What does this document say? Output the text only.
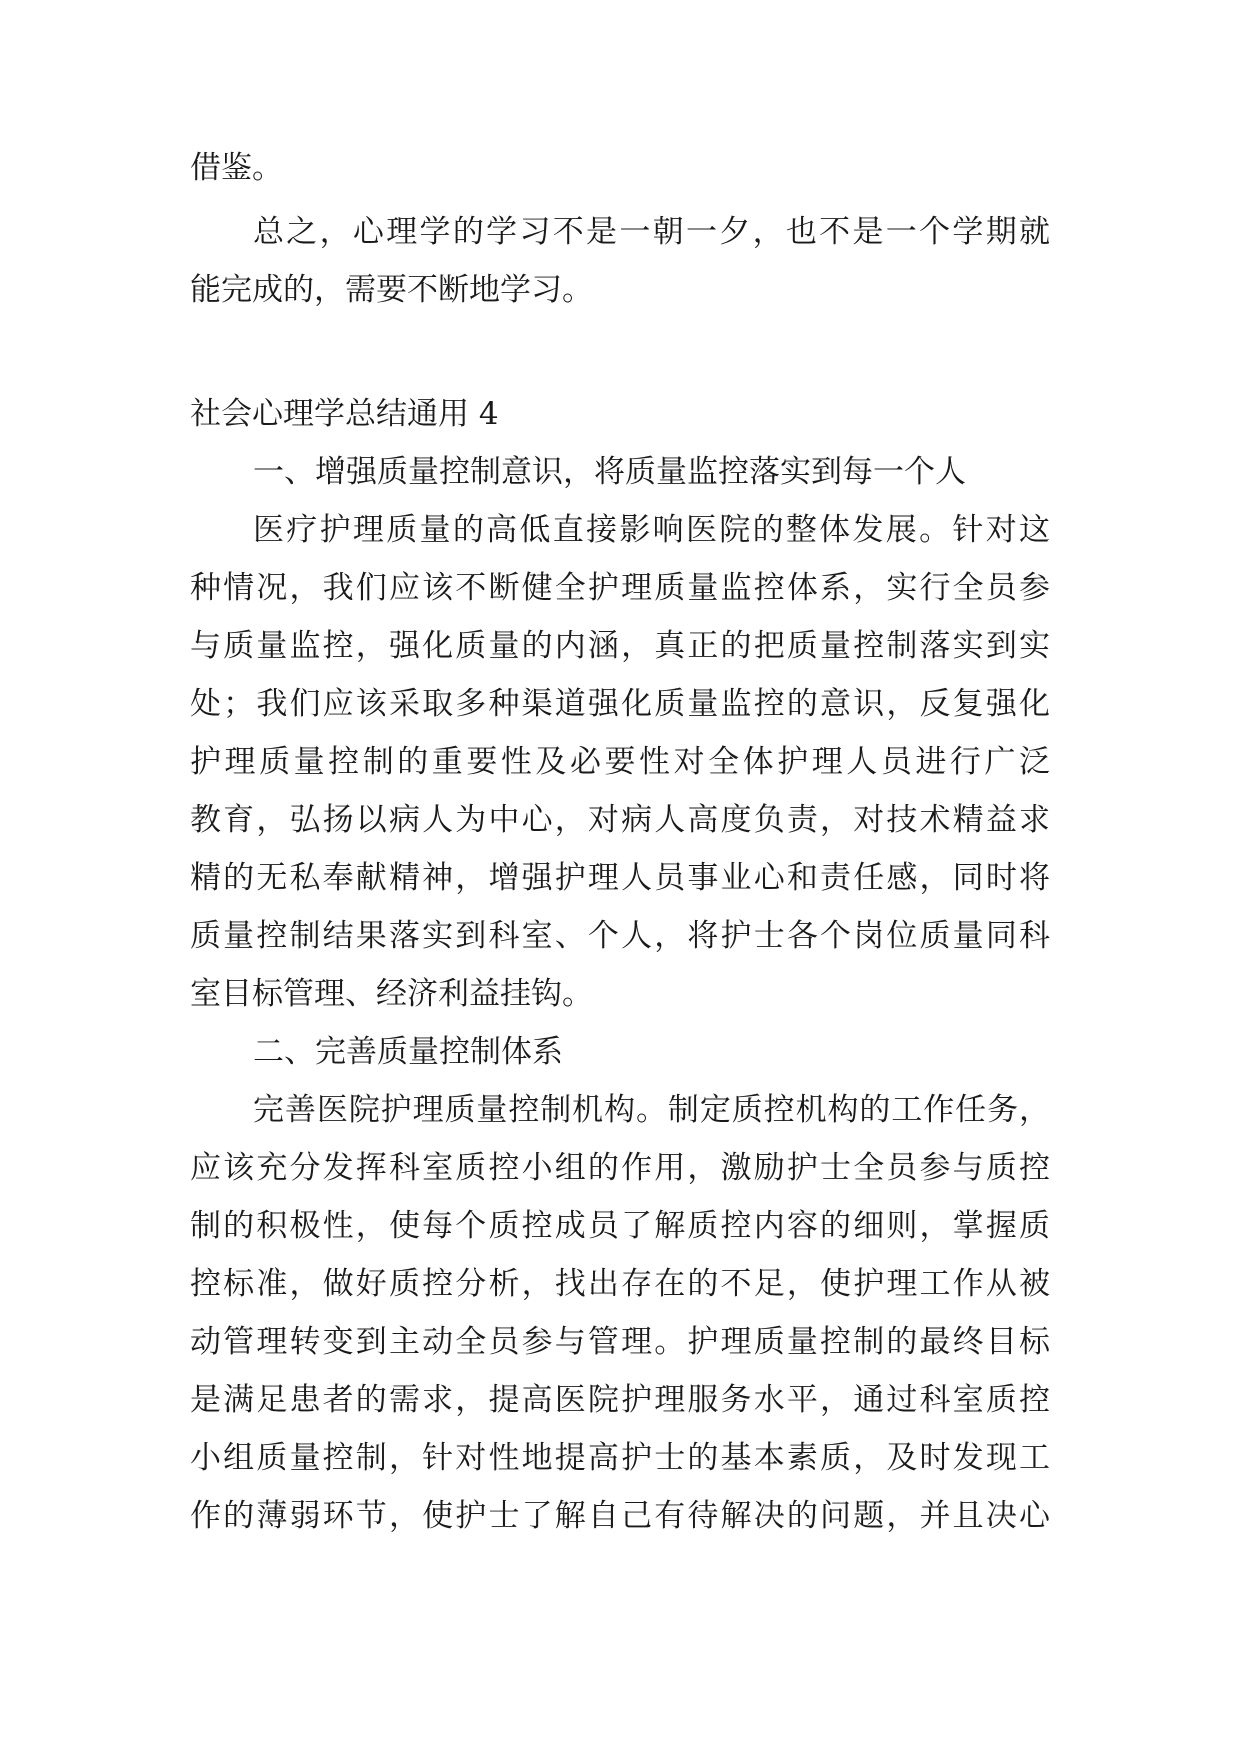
借鉴。
总之，心理学的学习不是一朝一夕，也不是一个学期就
能完成的，需要不断地学习。
社会心理学总结通用 4
一、增强质量控制意识，将质量监控落实到每一个人
医疗护理质量的高低直接影响医院的整体发展。针对这
种情况，我们应该不断健全护理质量监控体系，实行全员参
与质量监控，强化质量的内涵，真正的把质量控制落实到实
处；我们应该采取多种渠道强化质量监控的意识，反复强化
护理质量控制的重要性及必要性对全体护理人员进行广泛
教育，弘扬以病人为中心，对病人高度负责，对技术精益求
精的无私奉献精神，增强护理人员事业心和责任感，同时将
质量控制结果落实到科室、个人，将护士各个岗位质量同科
室目标管理、经济利益挂钩。
二、完善质量控制体系
完善医院护理质量控制机构。制定质控机构的工作任务，
应该充分发挥科室质控小组的作用，激励护士全员参与质控
制的积极性，使每个质控成员了解质控内容的细则，掌握质
控标准，做好质控分析，找出存在的不足，使护理工作从被
动管理转变到主动全员参与管理。护理质量控制的最终目标
是满足患者的需求，提高医院护理服务水平，通过科室质控
小组质量控制，针对性地提高护士的基本素质，及时发现工
作的薄弱环节，使护士了解自己有待解决的问题，并且决心
